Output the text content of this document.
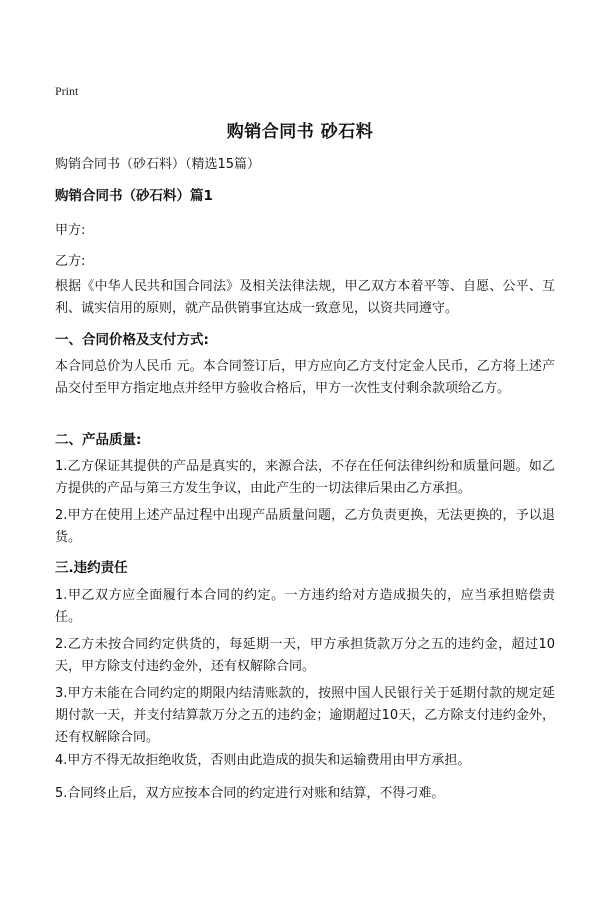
Print
购销合同书 砂石料
购销合同书（砂石料）（精选15篇）
购销合同书（砂石料）篇1
甲方:
乙方:
根据《中华人民共和国合同法》及相关法律法规，甲乙双方本着平等、自愿、公平、互利、诚实信用的原则，就产品供销事宜达成一致意见，以资共同遵守。
一、合同价格及支付方式:
本合同总价为人民币 元。本合同签订后，甲方应向乙方支付定金人民币，乙方将上述产品交付至甲方指定地点并经甲方验收合格后，甲方一次性支付剩余款项给乙方。
二、产品质量:
1.乙方保证其提供的产品是真实的，来源合法，不存在任何法律纠纷和质量问题。如乙方提供的产品与第三方发生争议，由此产生的一切法律后果由乙方承担。
2.甲方在使用上述产品过程中出现产品质量问题，乙方负责更换，无法更换的，予以退货。
三.违约责任
1.甲乙双方应全面履行本合同的约定。一方违约给对方造成损失的，应当承担赔偿责任。
2.乙方未按合同约定供货的，每延期一天，甲方承担货款万分之五的违约金，超过10天，甲方除支付违约金外，还有权解除合同。
3.甲方未能在合同约定的期限内结清账款的，按照中国人民银行关于延期付款的规定延期付款一天，并支付结算款万分之五的违约金；逾期超过10天，乙方除支付违约金外，还有权解除合同。
4.甲方不得无故拒绝收货，否则由此造成的损失和运输费用由甲方承担。
5.合同终止后，双方应按本合同的约定进行对账和结算，不得刁难。
